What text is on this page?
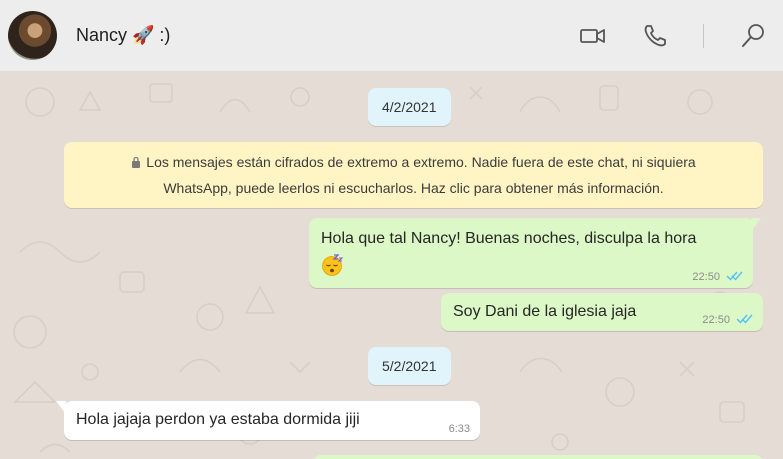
Nancy 🚀 :)
4/2/2021
Los mensajes están cifrados de extremo a extremo. Nadie fuera de este chat, ni siquiera
WhatsApp, puede leerlos ni escucharlos. Haz clic para obtener más información.
Hola que tal Nancy! Buenas noches, disculpa la hora
22:50
Soy Dani de la iglesia jaja	22:50
5/2/2021
Hola jajaja perdon ya estaba dormida jiji
6:33
